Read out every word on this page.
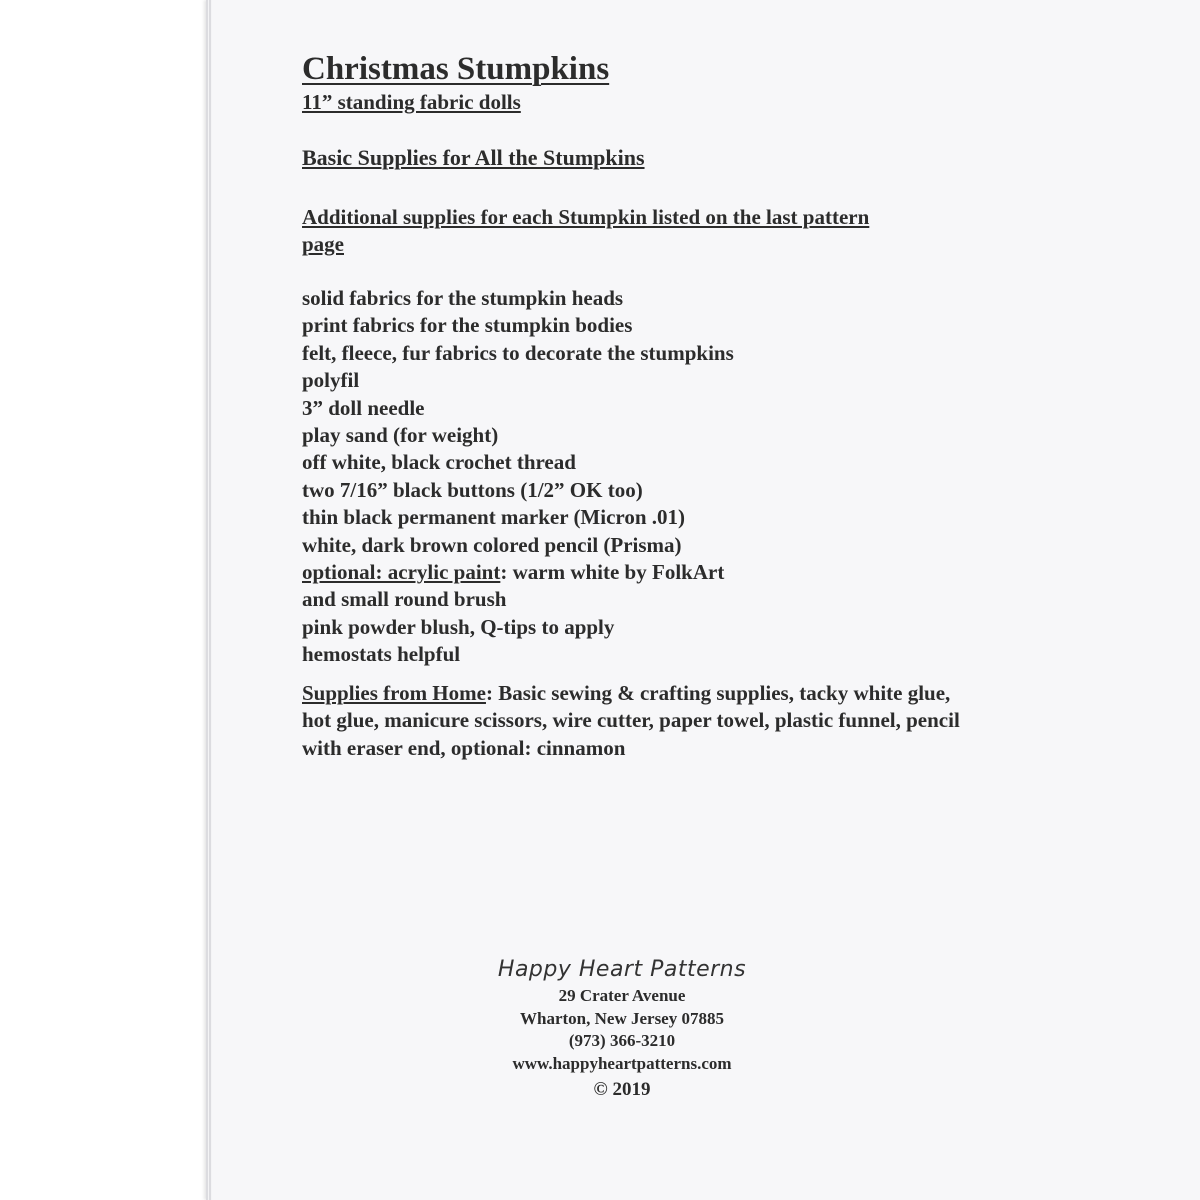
Christmas Stumpkins
11” standing fabric dolls
Basic Supplies for All the Stumpkins
Additional supplies for each Stumpkin listed on the last pattern page
solid fabrics for the stumpkin heads
print fabrics for the stumpkin bodies
felt, fleece, fur fabrics to decorate the stumpkins
polyfil
3” doll needle
play sand (for weight)
off white, black crochet thread
two 7/16” black buttons (1/2” OK too)
thin black permanent marker (Micron .01)
white, dark brown colored pencil (Prisma)
optional: acrylic paint: warm white by FolkArt
and small round brush
pink powder blush, Q-tips to apply
hemostats helpful
Supplies from Home: Basic sewing & crafting supplies, tacky white glue, hot glue, manicure scissors, wire cutter, paper towel, plastic funnel, pencil with eraser end, optional: cinnamon
Happy Heart Patterns
29 Crater Avenue
Wharton, New Jersey 07885
(973) 366-3210
www.happyheartpatterns.com
© 2019
